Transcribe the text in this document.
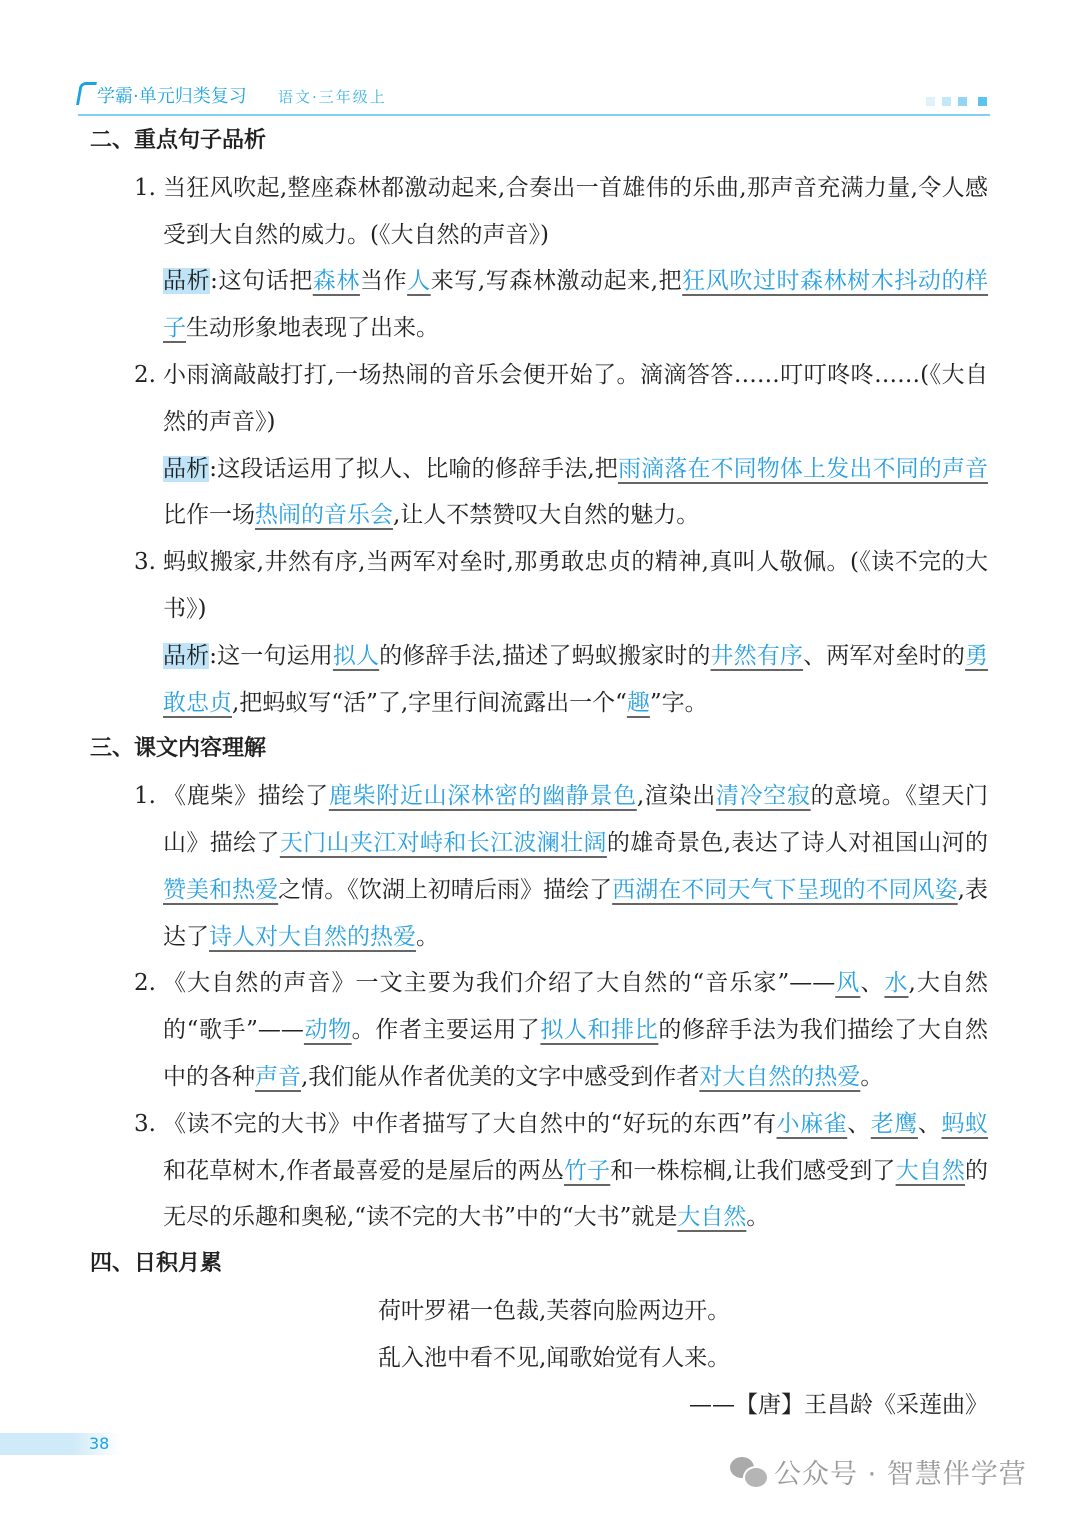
学霸·单元归类复习 语文·三年级上
二、重点句子品析
1. 当狂风吹起,整座森林都激动起来,合奏出一首雄伟的乐曲,那声音充满力量,令人感受到大自然的威力。(《大自然的声音》)
品析:这句话把森林当作人来写,写森林激动起来,把狂风吹过时森林树木抖动的样子生动形象地表现了出来。
2. 小雨滴敲敲打打,一场热闹的音乐会便开始了。滴滴答答……叮叮咚咚……(《大自然的声音》)
品析:这段话运用了拟人、比喻的修辞手法,把雨滴落在不同物体上发出不同的声音比作一场热闹的音乐会,让人不禁赞叹大自然的魅力。
3. 蚂蚁搬家,井然有序,当两军对垒时,那勇敢忠贞的精神,真叫人敬佩。(《读不完的大书》)
品析:这一句运用拟人的修辞手法,描述了蚂蚁搬家时的井然有序、两军对垒时的勇敢忠贞,把蚂蚁写“活”了,字里行间流露出一个“趣”字。
三、课文内容理解
1. 《鹿柴》描绘了鹿柴附近山深林密的幽静景色,渲染出清冷空寂的意境。《望天门山》描绘了天门山夹江对峙和长江波澜壮阔的雄奇景色,表达了诗人对祖国山河的赞美和热爱之情。《饮湖上初晴后雨》描绘了西湖在不同天气下呈现的不同风姿,表达了诗人对大自然的热爱。
2. 《大自然的声音》一文主要为我们介绍了大自然的“音乐家”——风、水,大自然的“歌手”——动物。作者主要运用了拟人和排比的修辞手法为我们描绘了大自然中的各种声音,我们能从作者优美的文字中感受到作者对大自然的热爱。
3. 《读不完的大书》中作者描写了大自然中的“好玩的东西”有小麻雀、老鹰、蚂蚁和花草树木,作者最喜爱的是屋后的两丛竹子和一株棕榈,让我们感受到了大自然的无尽的乐趣和奥秘,“读不完的大书”中的“大书”就是大自然。
四、日积月累
荷叶罗裙一色裁,芙蓉向脸两边开。
乱入池中看不见,闻歌始觉有人来。
——【唐】王昌龄《采莲曲》
38
公众号 · 智慧伴学营
